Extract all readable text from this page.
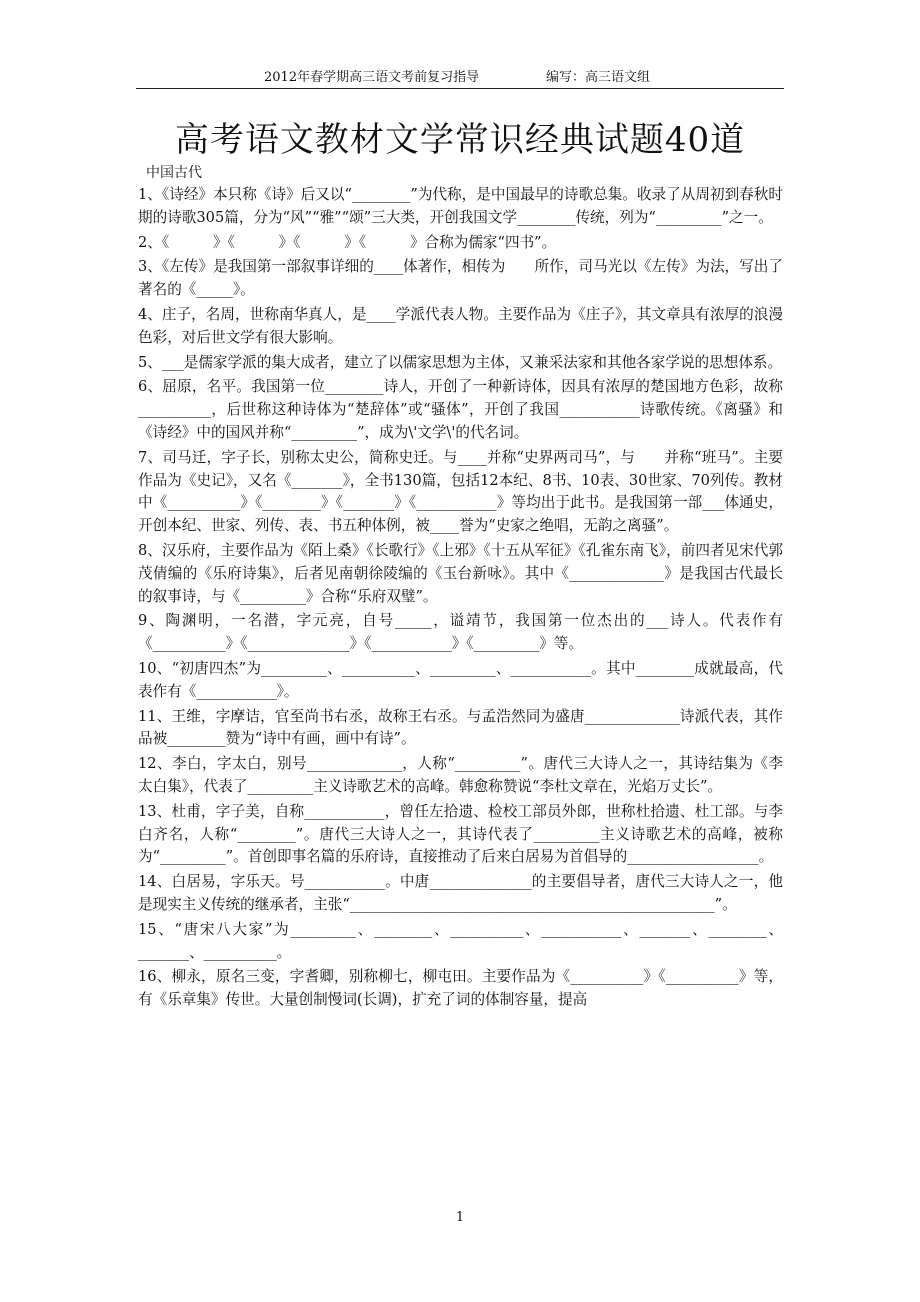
2012年春学期高三语文考前复习指导	编写：高三语文组
高考语文教材文学常识经典试题40道
中国古代

1、《诗经》本只称《诗》后又以“________”为代称，是中国最早的诗歌总集。收录了从周初到春秋时期的诗歌305篇，分为“风”“雅”“颂”三大类，开创我国文学________传统，列为“_________”之一。

2、《　　　》《　　　》《　　　》《　　　》合称为儒家“四书”。

3、《左传》是我国第一部叙事详细的____体著作，相传为　　所作，司马光以《左传》为法，写出了著名的《_____》。

4、庄子，名周，世称南华真人，是____学派代表人物。主要作品为《庄子》，其文章具有浓厚的浪漫色彩，对后世文学有很大影响。

5、___是儒家学派的集大成者，建立了以儒家思想为主体，又兼采法家和其他各家学说的思想体系。

6、屈原，名平。我国第一位________诗人，开创了一种新诗体，因具有浓厚的楚国地方色彩，故称__________，后世称这种诗体为“楚辞体”或“骚体”，开创了我国___________诗歌传统。《离骚》和《诗经》中的国风并称“_________”，成为\'文学\'的代名词。

7、司马迁，字子长，别称太史公，简称史迁。与____并称“史界两司马”，与　　并称“班马”。主要作品为《史记》，又名《_______》，全书130篇，包括12本纪、8书、10表、30世家、70列传。教材中《__________》《________》《_______》《___________》等均出于此书。是我国第一部___体通史，开创本纪、世家、列传、表、书五种体例，被____誉为“史家之绝唱，无韵之离骚”。

8、汉乐府，主要作品为《陌上桑》《长歌行》《上邪》《十五从军征》《孔雀东南飞》，前四者见宋代郭茂倩编的《乐府诗集》，后者见南朝徐陵编的《玉台新咏》。其中《_____________》是我国古代最长的叙事诗，与《_________》合称“乐府双璧”。

9、陶渊明，一名潜，字元亮，自号_____，谥靖节，我国第一位杰出的___诗人。代表作有《__________》《______________》《___________》《_________》等。

10、“初唐四杰”为_________、__________、_________、___________。其中________成就最高，代表作有《___________》。

11、王维，字摩诘，官至尚书右丞，故称王右丞。与孟浩然同为盛唐_____________诗派代表，其作品被________赞为“诗中有画，画中有诗”。

12、李白，字太白，别号_____________，人称“_________”。唐代三大诗人之一，其诗结集为《李太白集》，代表了_________主义诗歌艺术的高峰。韩愈称赞说“李杜文章在，光焰万丈长”。

13、杜甫，字子美，自称___________，曾任左拾遗、检校工部员外郎，世称杜拾遗、杜工部。与李白齐名，人称“________”。唐代三大诗人之一，其诗代表了_________主义诗歌艺术的高峰，被称为“_________”。首创即事名篇的乐府诗，直接推动了后来白居易为首倡导的__________________。

14、白居易，字乐天。号___________。中唐______________的主要倡导者，唐代三大诗人之一，他是现实主义传统的继承者，主张“__________________________________________________”。

15、“唐宋八大家”为_________、________、__________、___________、_______、________、_______、__________。

16、柳永，原名三变，字耆卿，别称柳七，柳屯田。主要作品为《__________》《__________》等，有《乐章集》传世。大量创制慢词(长调)，扩充了词的体制容量，提高

1
